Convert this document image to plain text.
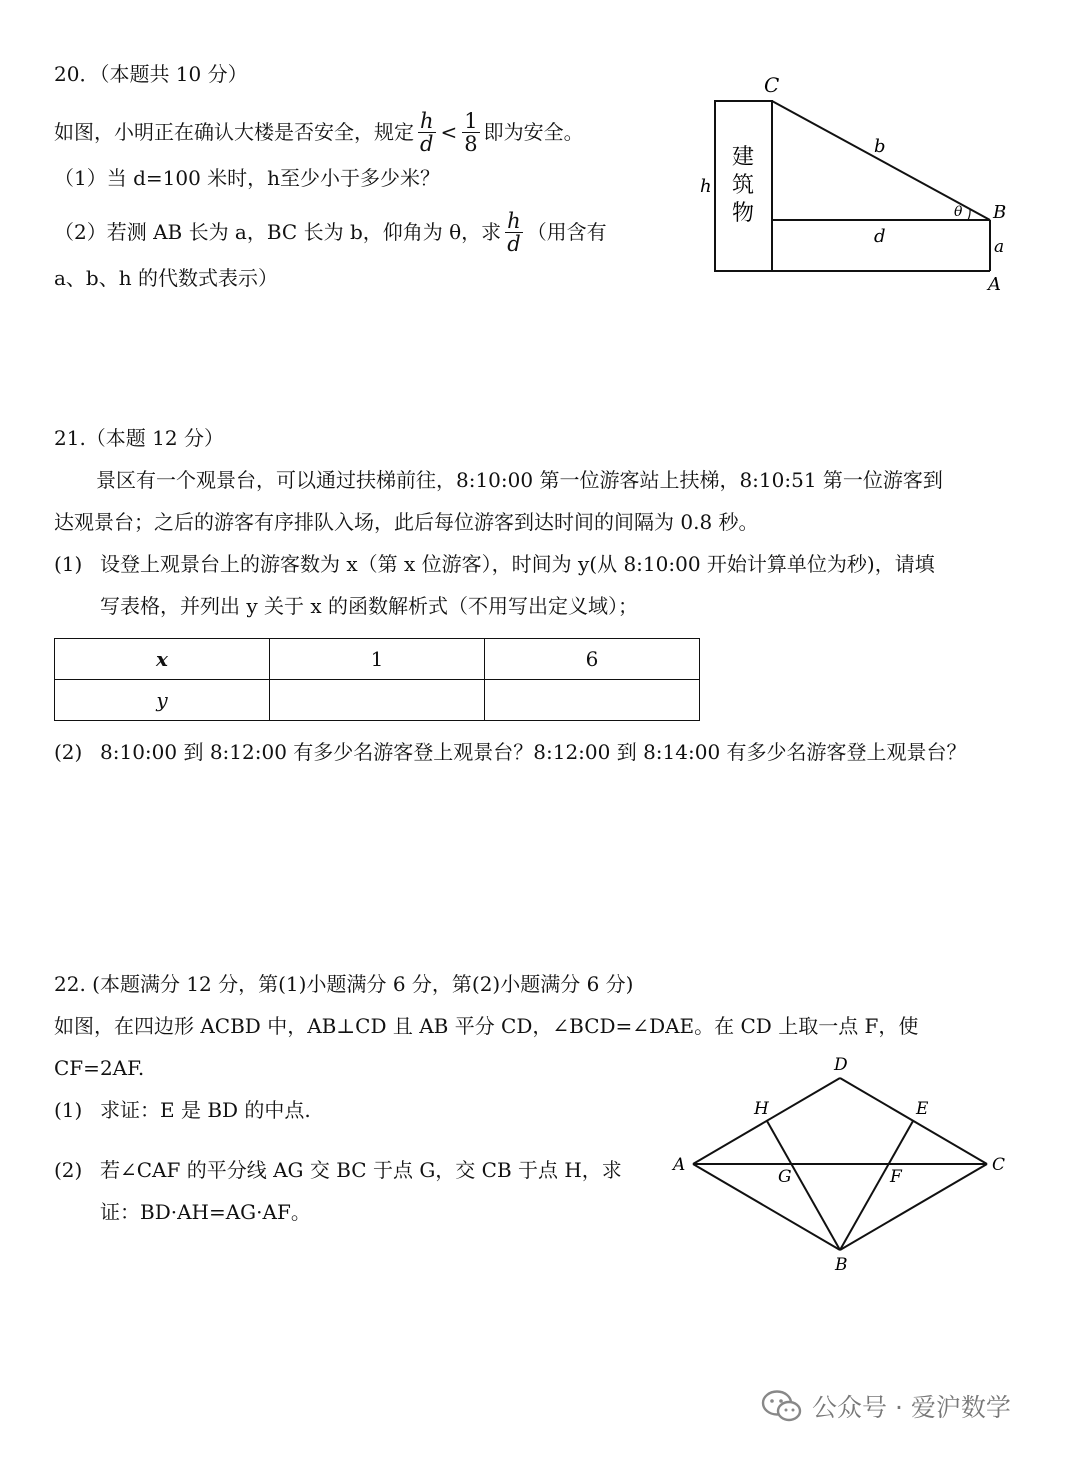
20．（本题共 10 分）
如图，小明正在确认大楼是否安全，规定 $\frac{h}{d} < \frac{1}{8}$ 即为安全。
（1）当 d=100 米时，h至少小于多少米？
（2）若测 AB 长为 a，BC 长为 b，仰角为 θ，求 $\frac{h}{d}$ （用含有
a、b、h 的代数式表示）
C
B
A
b
d	a
h
θ
建
筑
物
21.（本题 12 分）
景区有一个观景台，可以通过扶梯前往，8:10:00 第一位游客站上扶梯，8:10:51 第一位游客到
达观景台；之后的游客有序排队入场，此后每位游客到达时间的间隔为 0.8 秒。
(1) 设登上观景台上的游客数为 x（第 x 位游客），时间为 y(从 8:10:00 开始计算单位为秒)，请填
写表格，并列出 y 关于 x 的函数解析式（不用写出定义域）；
x	1	6
y		
(2) 8:10:00 到 8:12:00 有多少名游客登上观景台？8:12:00 到 8:14:00 有多少名游客登上观景台？
22. (本题满分 12 分，第(1)小题满分 6 分，第(2)小题满分 6 分)
如图，在四边形 ACBD 中，AB⊥CD 且 AB 平分 CD，∠BCD=∠DAE。在 CD 上取一点 F，使
CF=2AF.
(1) 求证：E 是 BD 的中点.
(2) 若∠CAF 的平分线 AG 交 BC 于点 G，交 CB 于点 H，求
证：BD·AH=AG·AF。
D
H	E
A
G	F
C
B
公众号 · 爱沪数学
